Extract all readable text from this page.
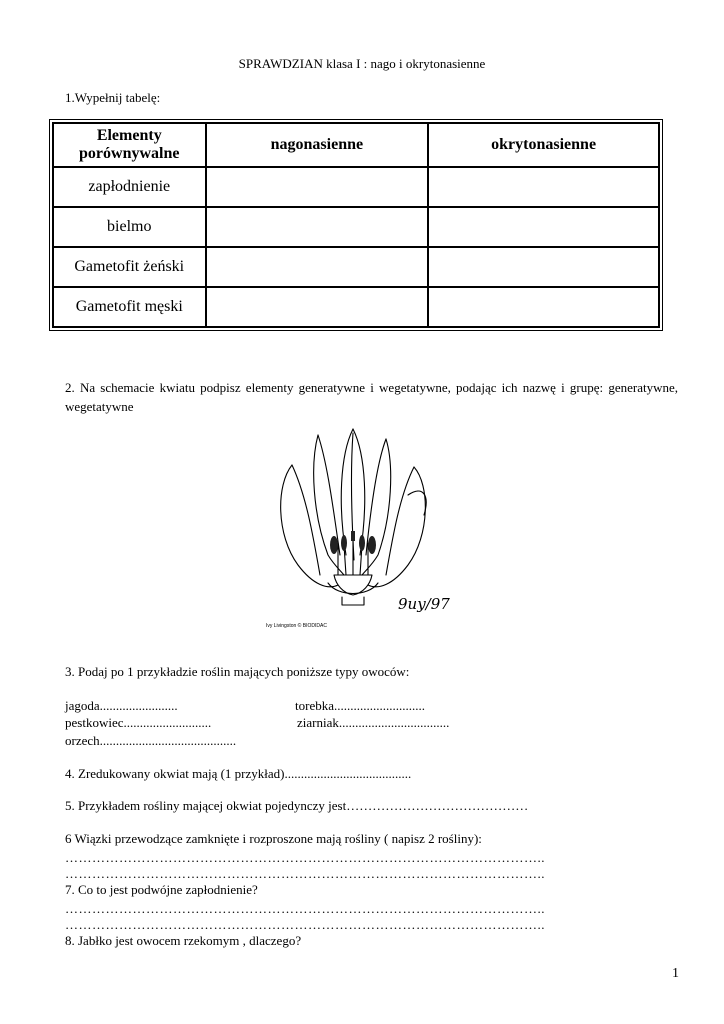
SPRAWDZIAN klasa I : nago i okrytonasienne
1.Wypełnij tabelę:
Elementy
porównywalne	nagonasienne	okrytonasienne
zapłodnienie		
bielmo		
Gametofit żeński		
Gametofit męski		
2. Na schemacie kwiatu podpisz elementy generatywne i wegetatywne, podając ich nazwę i grupę: generatywne, wegetatywne
9uy/97
Ivy Livingston © BIODIDAC
3. Podaj po 1 przykładzie roślin mających poniższe typy owoców:
jagoda........................	torebka............................
pestkowiec...........................	ziarniak..................................
orzech..........................................
4. Zredukowany okwiat mają (1 przykład).......................................
5. Przykładem rośliny mającej okwiat pojedynczy jest……………………………………
6 Wiązki przewodzące zamknięte i rozproszone mają rośliny ( napisz 2 rośliny):
……………………………………………………………………………………………..
……………………………………………………………………………………………..
7. Co to jest podwójne zapłodnienie?
……………………………………………………………………………………………..
……………………………………………………………………………………………..
8. Jabłko jest owocem rzekomym , dlaczego?
1
